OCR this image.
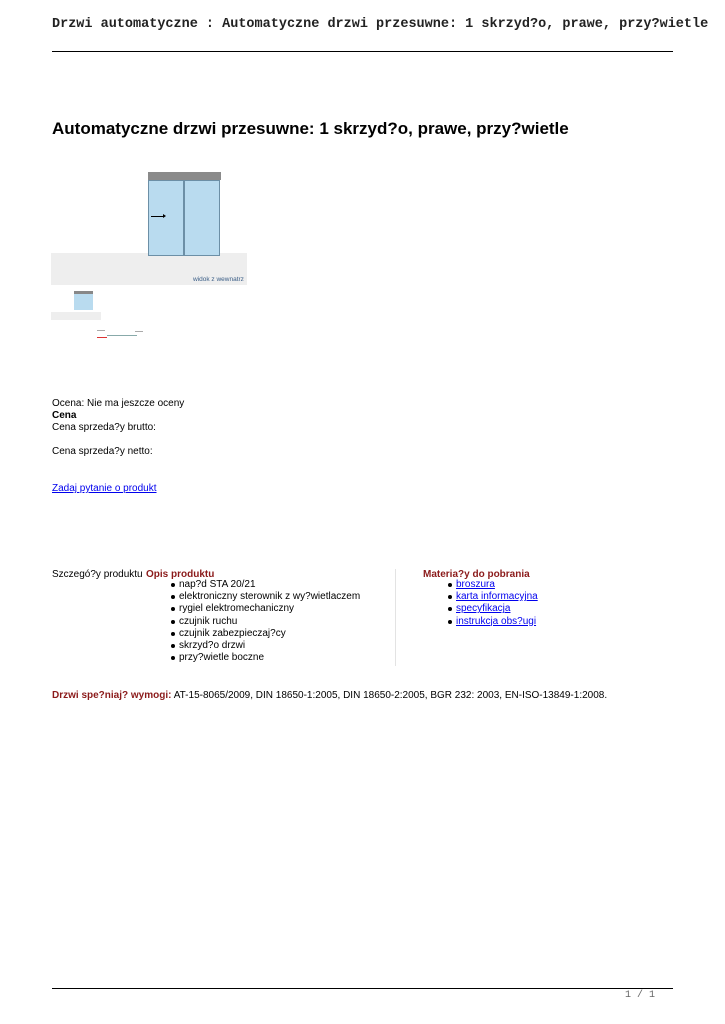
Drzwi automatyczne : Automatyczne drzwi przesuwne: 1 skrzyd?o, prawe, przy?wietle
Automatyczne drzwi przesuwne: 1 skrzyd?o, prawe, przy?wietle
widok z wewnatrz
Ocena: Nie ma jeszcze oceny
Cena
Cena sprzeda?y brutto:
Cena sprzeda?y netto:
Zadaj pytanie o produkt
Szczegó?y produktu Opis produktu
nap?d STA 20/21
elektroniczny sterownik z wy?wietlaczem
rygiel elektromechaniczny
czujnik ruchu
czujnik zabezpieczaj?cy
skrzyd?o drzwi
przy?wietle boczne
Materia?y do pobrania
broszura
karta informacyjna
specyfikacja
instrukcja obs?ugi
Drzwi spe?niaj? wymogi: AT-15-8065/2009, DIN 18650-1:2005, DIN 18650-2:2005, BGR 232: 2003, EN-ISO-13849-1:2008.
1 / 1
